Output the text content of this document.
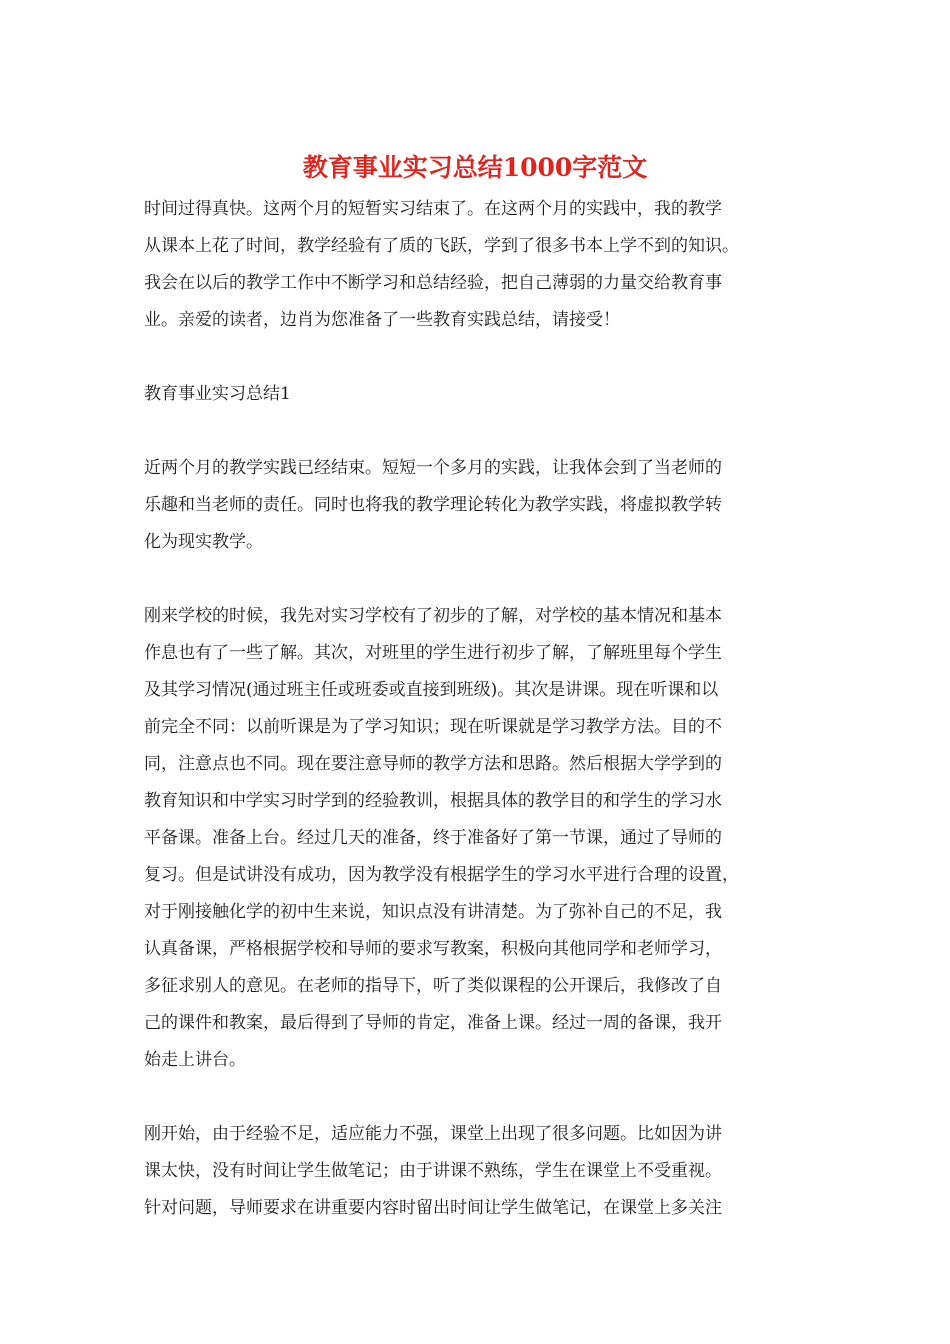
教育事业实习总结1000字范文
时间过得真快。这两个月的短暂实习结束了。在这两个月的实践中，我的教学
从课本上花了时间，教学经验有了质的飞跃，学到了很多书本上学不到的知识。
我会在以后的教学工作中不断学习和总结经验，把自己薄弱的力量交给教育事
业。亲爱的读者，边肖为您准备了一些教育实践总结，请接受！
教育事业实习总结1
近两个月的教学实践已经结束。短短一个多月的实践，让我体会到了当老师的
乐趣和当老师的责任。同时也将我的教学理论转化为教学实践，将虚拟教学转
化为现实教学。
刚来学校的时候，我先对实习学校有了初步的了解，对学校的基本情况和基本
作息也有了一些了解。其次，对班里的学生进行初步了解，了解班里每个学生
及其学习情况(通过班主任或班委或直接到班级)。其次是讲课。现在听课和以
前完全不同：以前听课是为了学习知识；现在听课就是学习教学方法。目的不
同，注意点也不同。现在要注意导师的教学方法和思路。然后根据大学学到的
教育知识和中学实习时学到的经验教训，根据具体的教学目的和学生的学习水
平备课。准备上台。经过几天的准备，终于准备好了第一节课，通过了导师的
复习。但是试讲没有成功，因为教学没有根据学生的学习水平进行合理的设置，
对于刚接触化学的初中生来说，知识点没有讲清楚。为了弥补自己的不足，我
认真备课，严格根据学校和导师的要求写教案，积极向其他同学和老师学习，
多征求别人的意见。在老师的指导下，听了类似课程的公开课后，我修改了自
己的课件和教案，最后得到了导师的肯定，准备上课。经过一周的备课，我开
始走上讲台。
刚开始，由于经验不足，适应能力不强，课堂上出现了很多问题。比如因为讲
课太快，没有时间让学生做笔记；由于讲课不熟练，学生在课堂上不受重视。
针对问题，导师要求在讲重要内容时留出时间让学生做笔记，在课堂上多关注
